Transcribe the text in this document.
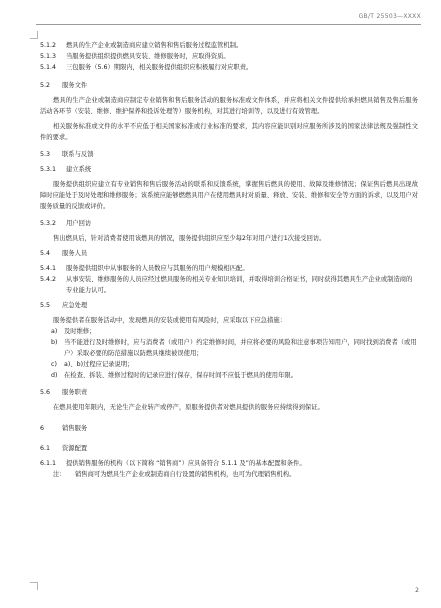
GB/T 25503—XXXX
5.1.2	燃具的生产企业或制造商应建立销售和售后服务过程监管机制。
5.1.3	当服务提供组织提供燃具安装、维修服务时，应取得资质。
5.1.4	三包服务（5.6）期限内，相关服务提供组织应积极履行对应职责。
5.2	服务文件
燃具的生产企业或制造商应制定专业销售和售后服务活动的服务标准或文件体系，并应将相关文件提供给承担燃具销售及售后服务活动各环节（安装、维修、维护保养和投诉处理等）服务机构，对其进行培训等，以及进行有效管理。
相关服务标准或文件的水平不应低于相关国家标准或行业标准的要求，其内容应能识别对应服务所涉及的国家法律法规及强制性文件的要求。
5.3	联系与反馈
5.3.1	建立系统
服务提供组织应建立有专业销售和售后服务活动的联系和反馈系统，掌握售后燃具的使用、故障及维修情况；保证售后燃具出现故障时应能处于及时处理和维修服务；该系统应能够燃燃具用户在使用燃具时对质量、释放、安装、维修和安全等方面的诉求，以及用户对服务质量的反馈或评价。
5.3.2	用户回访
售出燃具后，针对消费者使用该燃具的情况，服务提供组织应至少每2年对用户进行1次接受回访。
5.4	服务人员
5.4.1	服务提供组织中从事服务的人员数应与其服务的用户规模相匹配。
5.4.2	从事安装、维修服务的人员应经过燃具服务的相关专业知识培训，并取得培训合格证书，同时获得其燃具生产企业或制造商的专业能力认可。
5.5	应急处理
服务提供者在服务活动中，发现燃具的安装或使用有风险时，应采取以下应急措施：
a)	及时维修；
b)	当不能进行及时维修时，应与消费者（或用户）约定维修时间，并应将必要的风险和注意事项告知用户，同时找到消费者（或用户）采取必要的防范措施以防燃具继续被误使用；
c)	a)、b)过程应记录说明；
d)	在检查、拆装、维修过程时的记录应进行保存，保存时间不应低于燃具的使用年限。
5.6	服务职责
在燃具使用年限内，无论生产企业转产或停产，原服务提供者对燃具提供的服务应持续得到保证。
6	销售服务
6.1	资源配置
6.1.1	提供销售服务的机构（以下简称 “销售商”）应具备符合 5.1.1 及”的基本配置和条件。
注：	销售商可为燃具生产企业或制造商自行设置的销售机构，也可为代理销售机构。
2
